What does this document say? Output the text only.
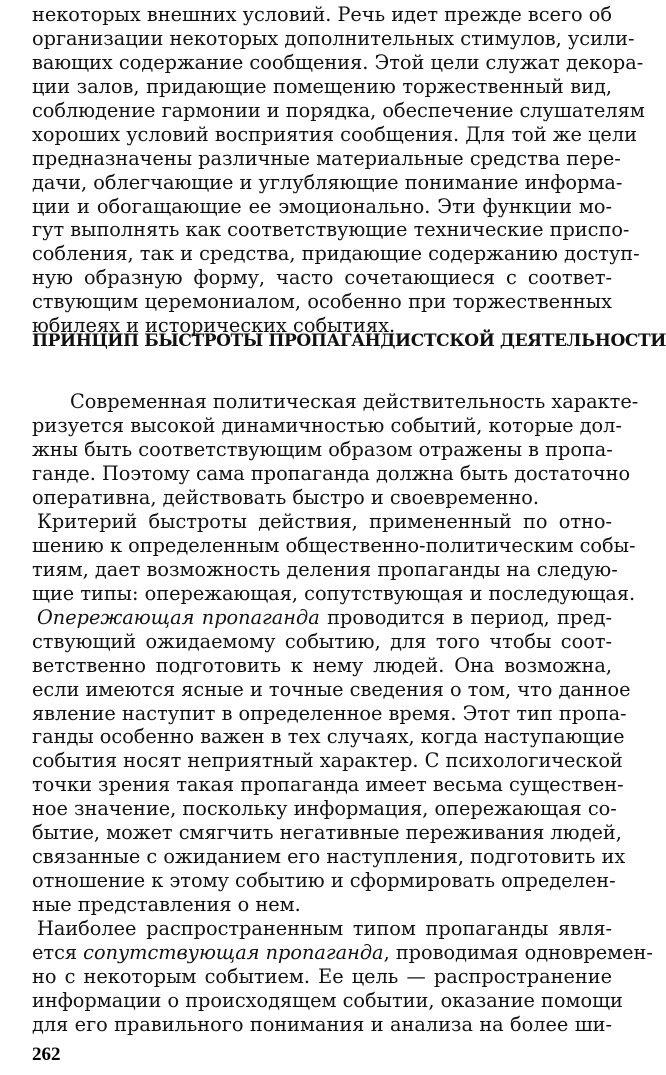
некоторых внешних условий. Речь идет прежде всего об
организации некоторых дополнительных стимулов, усили-
вающих содержание сообщения. Этой цели служат декора-
ции залов, придающие помещению торжественный вид,
соблюдение гармонии и порядка, обеспечение слушателям
хороших условий восприятия сообщения. Для той же цели
предназначены различные материальные средства пере-
дачи, облегчающие и углубляющие понимание информа-
ции и обогащающие ее эмоционально. Эти функции мо-
гут выполнять как соответствующие технические приспо-
собления, так и средства, придающие содержанию доступ-
ную образную форму, часто сочетающиеся с соответ-
ствующим церемониалом, особенно при торжественных
юбилеях и исторических событиях.
ПРИНЦИП БЫСТРОТЫ ПРОПАГАНДИСТСКОЙ ДЕЯТЕЛЬНОСТИ
Современная политическая действительность характе-
ризуется высокой динамичностью событий, которые дол-
жны быть соответствующим образом отражены в пропа-
ганде. Поэтому сама пропаганда должна быть достаточно
оперативна, действовать быстро и своевременно.
Критерий быстроты действия, примененный по отно-
шению к определенным общественно-политическим собы-
тиям, дает возможность деления пропаганды на следую-
щие типы: опережающая, сопутствующая и последующая.
Опережающая пропаганда проводится в период, пред-
ствующий ожидаемому событию, для того чтобы соот-
ветственно подготовить к нему людей. Она возможна,
если имеются ясные и точные сведения о том, что данное
явление наступит в определенное время. Этот тип пропа-
ганды особенно важен в тех случаях, когда наступающие
события носят неприятный характер. С психологической
точки зрения такая пропаганда имеет весьма существен-
ное значение, поскольку информация, опережающая со-
бытие, может смягчить негативные переживания людей,
связанные с ожиданием его наступления, подготовить их
отношение к этому событию и сформировать определен-
ные представления о нем.
Наиболее распространенным типом пропаганды явля-
ется сопутствующая пропаганда, проводимая одновремен-
но с некоторым событием. Ее цель — распространение
информации о происходящем событии, оказание помощи
для его правильного понимания и анализа на более ши-
262
